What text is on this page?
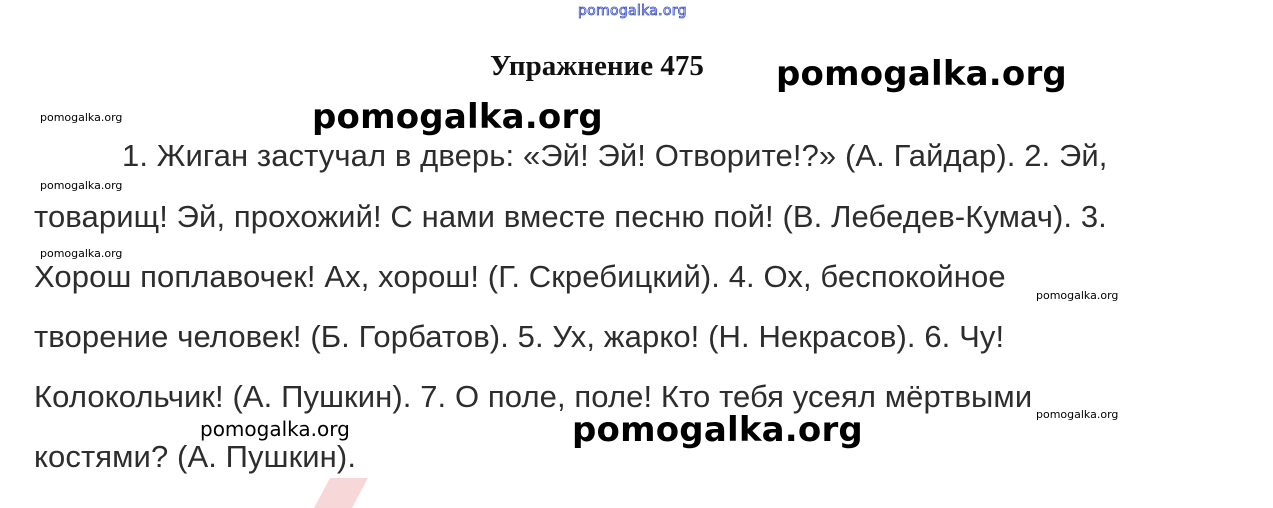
pomogalka.org
pomogalka.org
pomogalka.org
pomogalka.org
pomogalka.org
pomogalka.org
pomogalka.org
pomogalka.org
pomogalka.org
pomogalka.org
Упражнение 475
1. Жиган застучал в дверь: «Эй! Эй! Отворите!?» (А. Гайдар). 2. Эй,
товарищ! Эй, прохожий! С нами вместе песню пой! (В. Лебедев-Кумач). 3.
Хорош поплавочек! Ах, хорош! (Г. Скребицкий). 4. Ох, беспокойное
творение человек! (Б. Горбатов). 5. Ух, жарко! (Н. Некрасов). 6. Чу!
Колокольчик! (А. Пушкин). 7. О поле, поле! Кто тебя усеял мёртвыми
костями? (А. Пушкин).
